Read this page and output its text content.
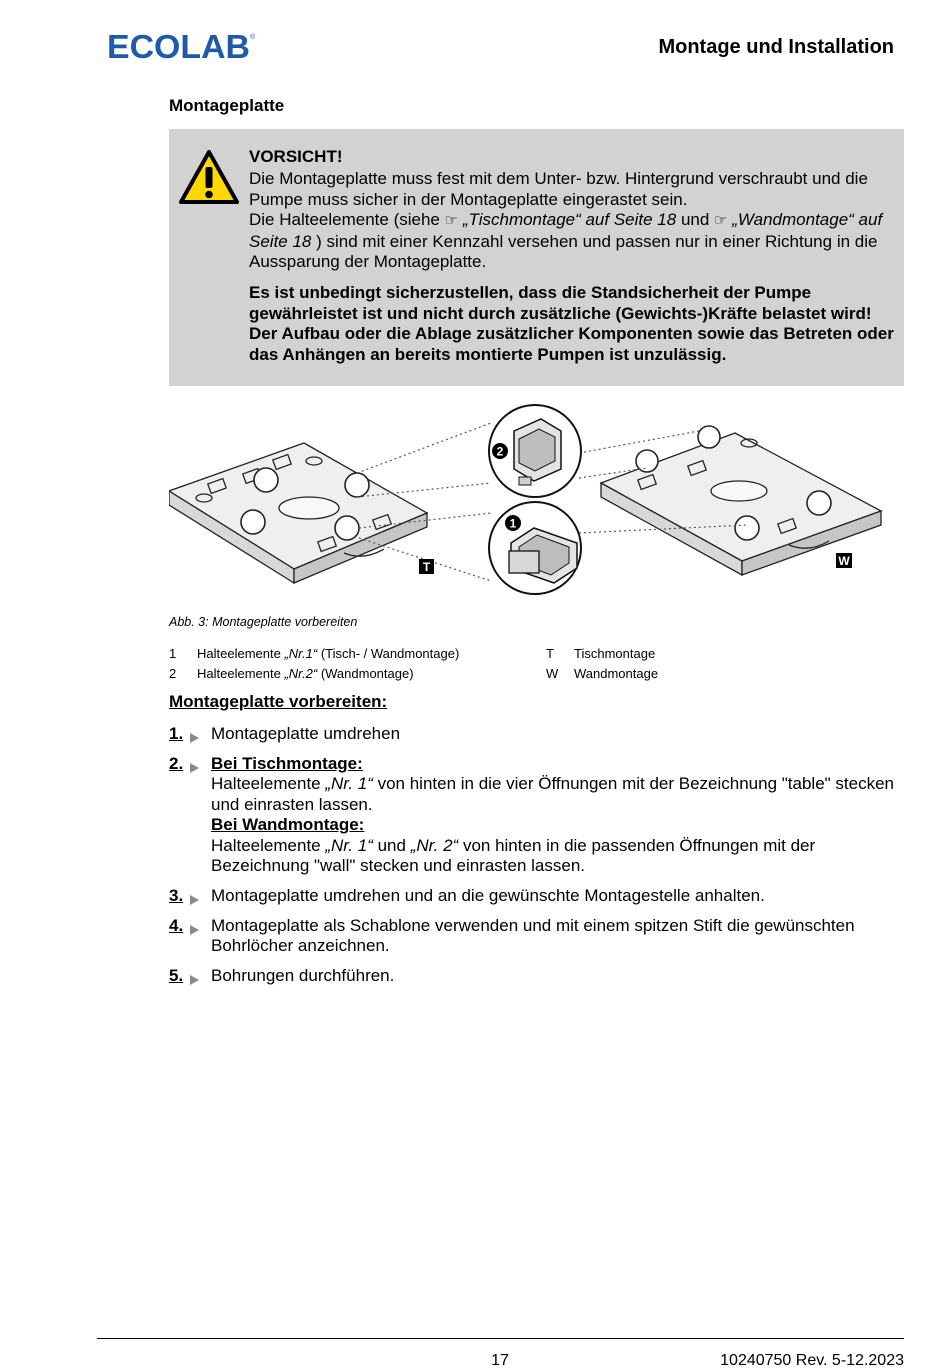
ECOLAB ®	Montage und Installation
Montageplatte

VORSICHT!

Die Montageplatte muss fest mit dem Unter- bzw. Hintergrund verschraubt und die Pumpe muss sicher in der Montageplatte eingerastet sein.

Die Halteelemente (siehe ☞ „Tischmontage“ auf Seite 18 und ☞ „Wandmontage“ auf Seite 18 ) sind mit einer Kennzahl versehen und passen nur in einer Richtung in die Aussparung der Montageplatte.

Es ist unbedingt sicherzustellen, dass die Standsicherheit der Pumpe gewährleistet ist und nicht durch zusätzliche (Gewichts-)Kräfte belastet wird! Der Aufbau oder die Ablage zusätzlicher Komponenten sowie das Betreten oder das Anhängen an bereits montierte Pumpen ist unzulässig.

2
1
T	W
Abb. 3: Montageplatte vorbereiten
1 Halteelemente „Nr.1“ (Tisch- / Wandmontage)
2 Halteelemente „Nr.2“ (Wandmontage)
T Tischmontage
W Wandmontage
Montageplatte vorbereiten:
1. Montageplatte umdrehen
2. Bei Tischmontage:
Halteelemente „Nr. 1“ von hinten in die vier Öffnungen mit der Bezeichnung "table" stecken und einrasten lassen.
Bei Wandmontage:
Halteelemente „Nr. 1“ und „Nr. 2“ von hinten in die passenden Öffnungen mit der Bezeichnung "wall" stecken und einrasten lassen.
3. Montageplatte umdrehen und an die gewünschte Montagestelle anhalten.
4. Montageplatte als Schablone verwenden und mit einem spitzen Stift die gewünschten Bohrlöcher anzeichnen.
5. Bohrungen durchführen.
17	10240750 Rev. 5-12.2023
